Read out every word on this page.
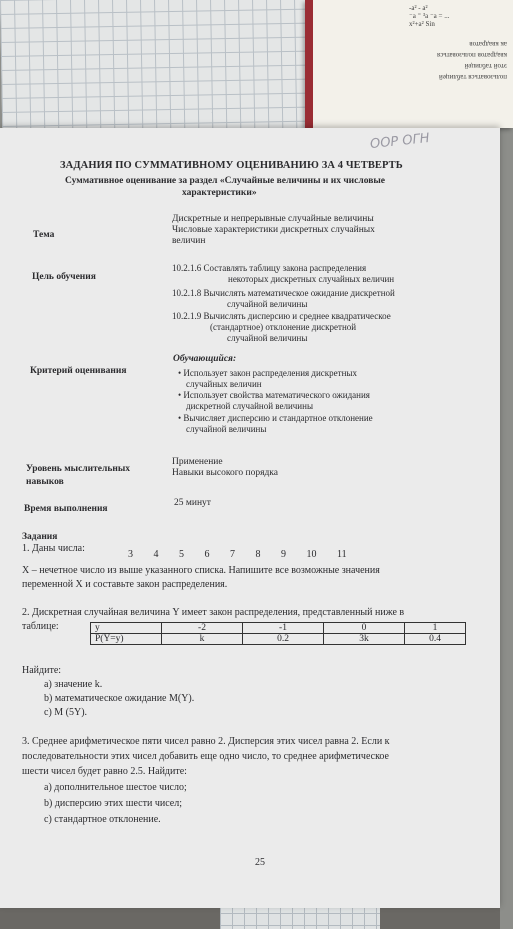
-a² - a²
⁻a ⁼ ³a ⁻a = ...
x²+a² Sin
пользоваться таблицей
этой таблицей
квадратов пользоваться
ак квадратов
ООР ОГН
ЗАДАНИЯ ПО СУММАТИВНОМУ ОЦЕНИВАНИЮ ЗА 4 ЧЕТВЕРТЬ
Суммативное оценивание за раздел «Случайные величины и их числовые
характеристики»
Тема
Дискретные и непрерывные случайные величины
Числовые характеристики дискретных случайных
величин
Цель обучения
10.2.1.6 Составлять таблицу закона распределения
некоторых дискретных случайных величин
10.2.1.8 Вычислять математическое ожидание дискретной
случайной величины
10.2.1.9 Вычислять дисперсию и среднее квадратическое
(стандартное) отклонение дискретной
случайной величины
Критерий оценивания
Обучающийся:
• Использует закон распределения дискретных
случайных величин
• Использует свойства математического ожидания
дискретной случайной величины
• Вычисляет дисперсию и стандартное отклонение
случайной величины
Уровень мыслительных
навыков
Применение
Навыки высокого порядка
Время выполнения
25 минут
Задания
1. Даны числа:
3 4 5 6 7 8 9 10 11
X – нечетное число из выше указанного списка. Напишите все возможные значения
переменной X и составьте закон распределения.
2. Дискретная случайная величина Y имеет закон распределения, представленный ниже в
таблице:	y	-2	-1	0	1
P(Y=y)	k	0.2	3k	0.4
Найдите:
a) значение k.
b) математическое ожидание M(Y).
c) M (5Y).
3. Среднее арифметическое пяти чисел равно 2. Дисперсия этих чисел равна 2. Если к
последовательности этих чисел добавить еще одно число, то среднее арифметическое
шести чисел будет равно 2.5. Найдите:
a) дополнительное шестое число;
b) дисперсию этих шести чисел;
c) стандартное отклонение.
25
